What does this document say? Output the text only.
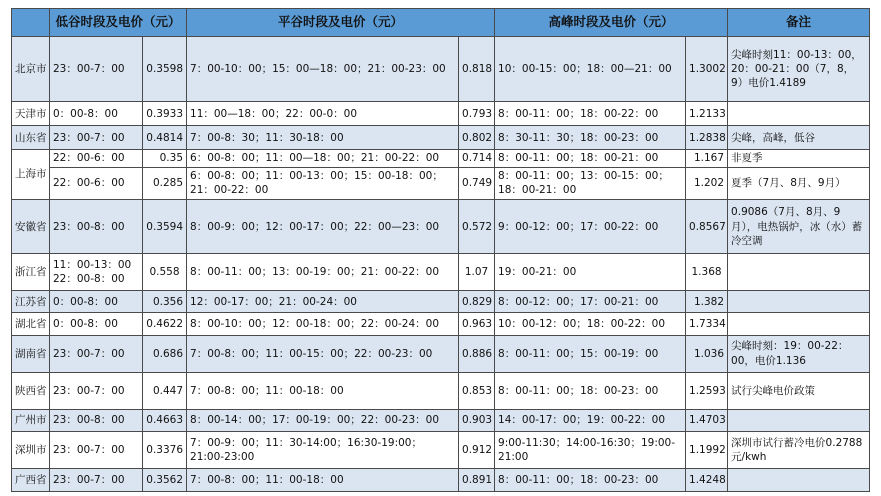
	低谷时段及电价（元）		平谷时段及电价（元）		高峰时段及电价（元）		备注
北京市	23：00-7：00	0.3598	7：00-10：00；15：00—18：00；21：00-23：00	0.818	10：00-15：00；18：00—21：00	1.3002	尖峰时刻11：00-13：00，20：00-21：00（7，8，9）电价1.4189
天津市	0：00-8：00	0.3933	11：00—18：00；22：00-0：00	0.793	8：00-11：00；18：00-22：00	1.2133	
山东省	23：00-7：00	0.4814	7：00-8：30；11：30-18：00	0.802	8：30-11：30；18：00-23：00	1.2838	尖峰，高峰，低谷
上海市	22：00-6：00	0.35	6：00-8：00；11：00—18：00；21：00-22：00	0.714	8：00-11：00；18：00-21：00	1.167	非夏季
	22：00-6：00	0.285	6：00-8：00；11：00-13：00；15：00-18：00；21：00-22：00	0.749	8：00-11：00；13：00-15：00；18：00-21：00	1.202	夏季（7月、8月、9月）
安徽省	23：00-8：00	0.3594	8：00-9：00；12：00-17：00；22：00—23：00	0.572	9：00-12：00；17：00-22：00	0.8567	0.9086（7月、8月、9月），电热锅炉，冰（水）蓄冷空调
浙江省	11：00-13：00 22：00-8：00	0.558	8：00-11：00；13：00-19：00；21：00-22：00	1.07	19：00-21：00	1.368	
江苏省	0：00-8：00	0.356	12：00-17：00；21：00-24：00	0.829	8：00-12：00；17：00-21：00	1.382	
湖北省	0：00-8：00	0.4622	8：00-10：00；12：00-18：00；22：00-24：00	0.963	10：00-12：00；18：00-22：00	1.7334	
湖南省	23：00-7：00	0.686	7：00-8：00；11：00-15：00；22：00-23：00	0.886	8：00-11：00；15：00-19：00	1.036	尖峰时刻：19：00-22：00，电价1.136
陕西省	23：00-7：00	0.447	7：00-8：00；11：00-18：00	0.853	8：00-11：00；18：00-23：00	1.2593	试行尖峰电价政策
广州市	23：00-8：00	0.4663	8：00-14：00；17：00-19：00；22：00-23：00	0.903	14：00-17：00；19：00-22：00	1.4703	
深圳市	23：00-7：00	0.3376	7：00-9：00；11：30-14:00；16:30-19:00；21:00-23:00	0.912	9:00-11:30；14:00-16:30；19:00-21:00	1.1992	深圳市试行蓄冷电价0.2788元/kwh
广西省	23：00-7：00	0.3562	7：00-8：00；11：00-18：00	0.891	8：00-11：00；18：00-23：00	1.4248	
